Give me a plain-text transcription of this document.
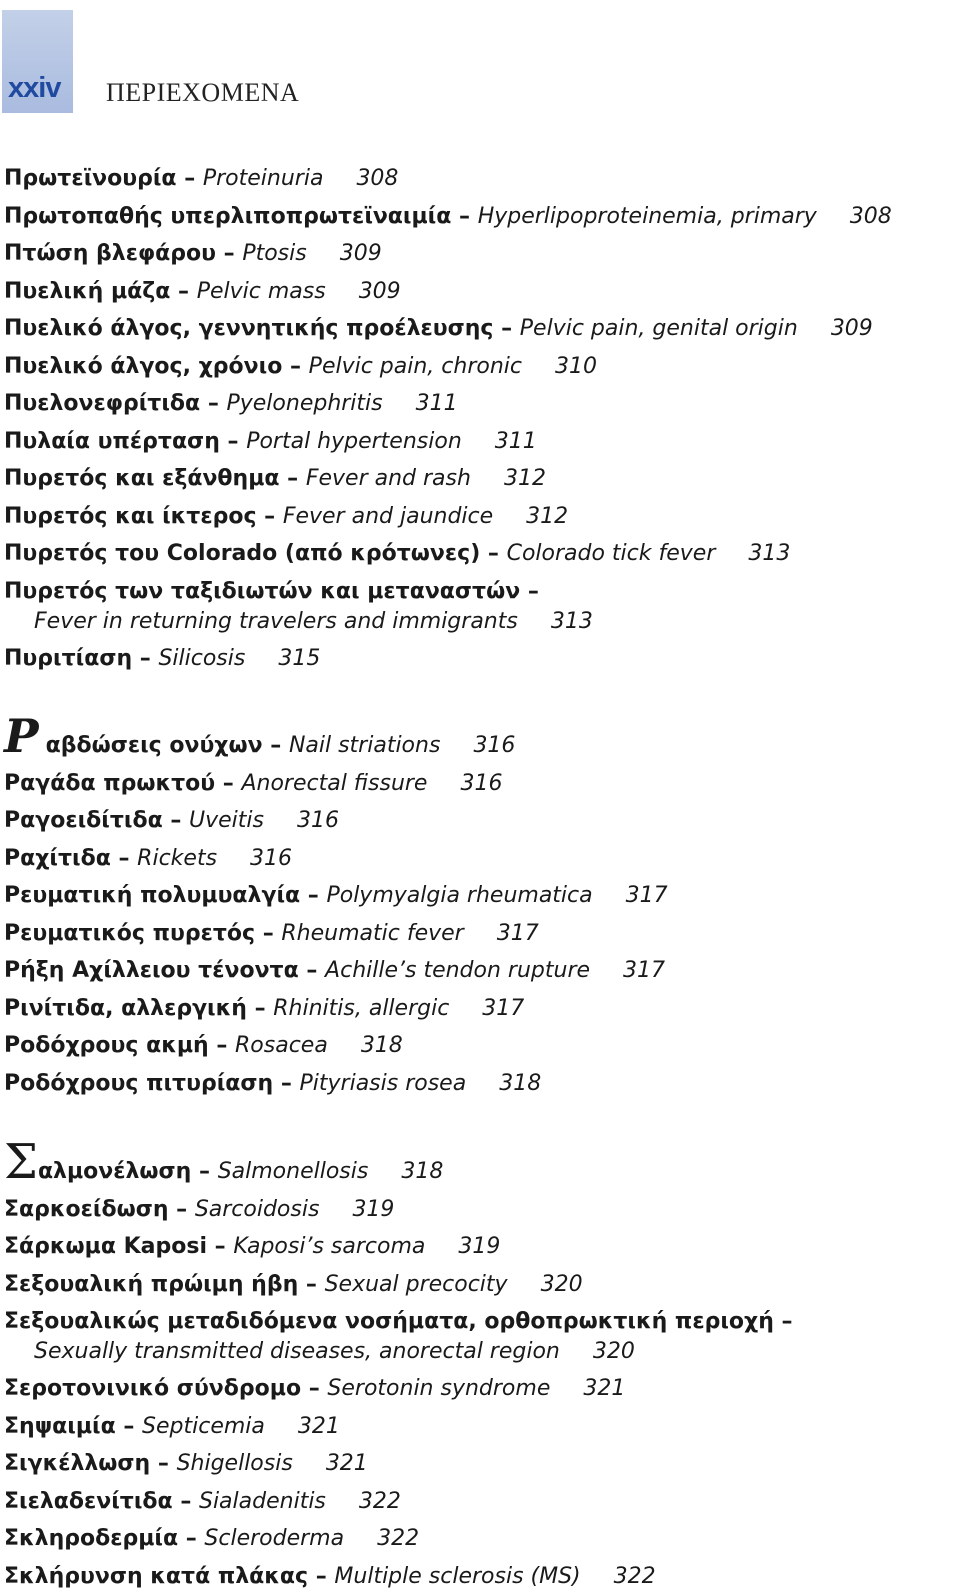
xxiv ΠΕΡΙΕΧΟΜΕΝΑ
Πρωτεϊνουρία – Proteinuria   308
Πρωτοπαθής υπερλιποπρωτεϊναιμία – Hyperlipoproteinemia, primary   308
Πτώση βλεφάρου – Ptosis   309
Πυελική μάζα – Pelvic mass   309
Πυελικό άλγος, γεννητικής προέλευσης – Pelvic pain, genital origin   309
Πυελικό άλγος, χρόνιο – Pelvic pain, chronic   310
Πυελονεφρίτιδα – Pyelonephritis   311
Πυλαία υπέρταση – Portal hypertension   311
Πυρετός και εξάνθημα – Fever and rash   312
Πυρετός και ίκτερος – Fever and jaundice   312
Πυρετός του Colorado (από κρότωνες) – Colorado tick fever   313
Πυρετός των ταξιδιωτών και μεταναστών –
Fever in returning travelers and immigrants   313
Πυριτίαση – Silicosis   315
Ρ αβδώσεις ονύχων – Nail striations   316
Ραγάδα πρωκτού – Anorectal fissure   316
Ραγοειδίτιδα – Uveitis   316
Ραχίτιδα – Rickets   316
Ρευματική πολυμυαλγία – Polymyalgia rheumatica   317
Ρευματικός πυρετός – Rheumatic fever   317
Ρήξη Αχίλλειου τένοντα – Achille’s tendon rupture   317
Ρινίτιδα, αλλεργική – Rhinitis, allergic   317
Ροδόχρους ακμή – Rosacea   318
Ροδόχρους πιτυρίαση – Pityriasis rosea   318
Σαλμονέλωση – Salmonellosis   318
Σαρκοείδωση – Sarcoidosis   319
Σάρκωμα Kaposi – Kaposi’s sarcoma   319
Σεξουαλική πρώιμη ήβη – Sexual precocity   320
Σεξουαλικώς μεταδιδόμενα νοσήματα, ορθοπρωκτική περιοχή –
Sexually transmitted diseases, anorectal region   320
Σεροτονινικό σύνδρομο – Serotonin syndrome   321
Σηψαιμία – Septicemia   321
Σιγκέλλωση – Shigellosis   321
Σιελαδενίτιδα – Sialadenitis   322
Σκληροδερμία – Scleroderma   322
Σκλήρυνση κατά πλάκας – Multiple sclerosis (MS)   322
